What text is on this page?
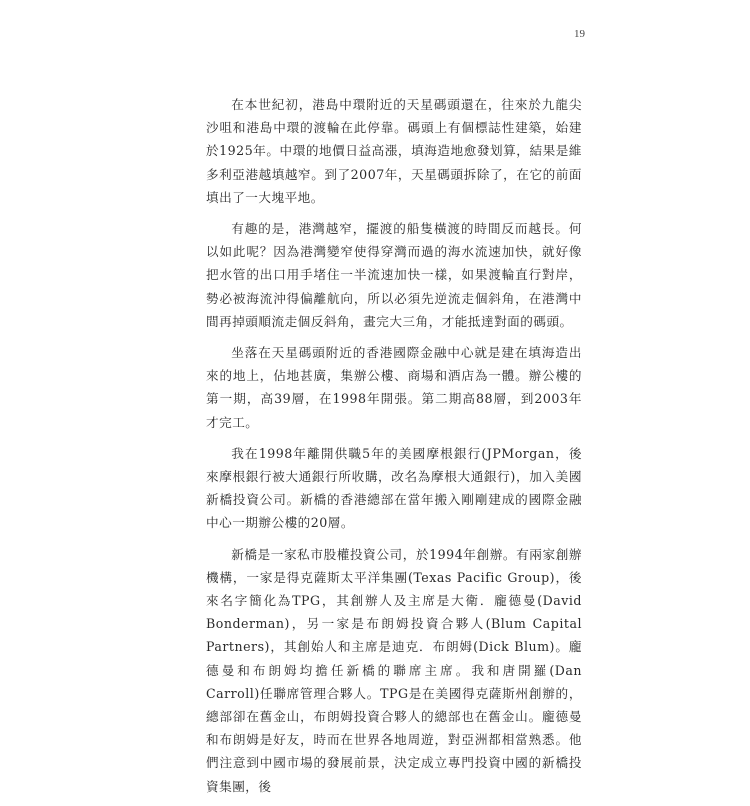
19

在本世紀初，港島中環附近的天星碼頭還在，往來於九龍尖沙咀和港島中環的渡輪在此停靠。碼頭上有個標誌性建築，始建於1925年。中環的地價日益高漲，填海造地愈發划算，結果是維多利亞港越填越窄。到了2007年，天星碼頭拆除了，在它的前面填出了一大塊平地。

有趣的是，港灣越窄，擺渡的船隻橫渡的時間反而越長。何以如此呢？因為港灣變窄使得穿灣而過的海水流速加快，就好像把水管的出口用手堵住一半流速加快一樣，如果渡輪直行對岸，勢必被海流沖得偏離航向，所以必須先逆流走個斜角，在港灣中間再掉頭順流走個反斜角，畫完大三角，才能抵達對面的碼頭。

坐落在天星碼頭附近的香港國際金融中心就是建在填海造出來的地上，佔地甚廣，集辦公樓、商場和酒店為一體。辦公樓的第一期，高39層，在1998年開張。第二期高88層，到2003年才完工。

我在1998年離開供職5年的美國摩根銀行(JPMorgan，後來摩根銀行被大通銀行所收購，改名為摩根大通銀行)，加入美國新橋投資公司。新橋的香港總部在當年搬入剛剛建成的國際金融中心一期辦公樓的20層。

新橋是一家私市股權投資公司，於1994年創辦。有兩家創辦機構，一家是得克薩斯太平洋集團(Texas Pacific Group)，後來名字簡化為TPG，其創辦人及主席是大衛．龐德曼(David Bonderman)，另一家是布朗姆投資合夥人(Blum Capital Partners)，其創始人和主席是迪克．布朗姆(Dick Blum)。龐德曼和布朗姆均擔任新橋的聯席主席。我和唐開羅(Dan Carroll)任聯席管理合夥人。TPG是在美國得克薩斯州創辦的，總部卻在舊金山，布朗姆投資合夥人的總部也在舊金山。龐德曼和布朗姆是好友，時而在世界各地周遊，對亞洲都相當熟悉。他們注意到中國市場的發展前景，決定成立專門投資中國的新橋投資集團，後
